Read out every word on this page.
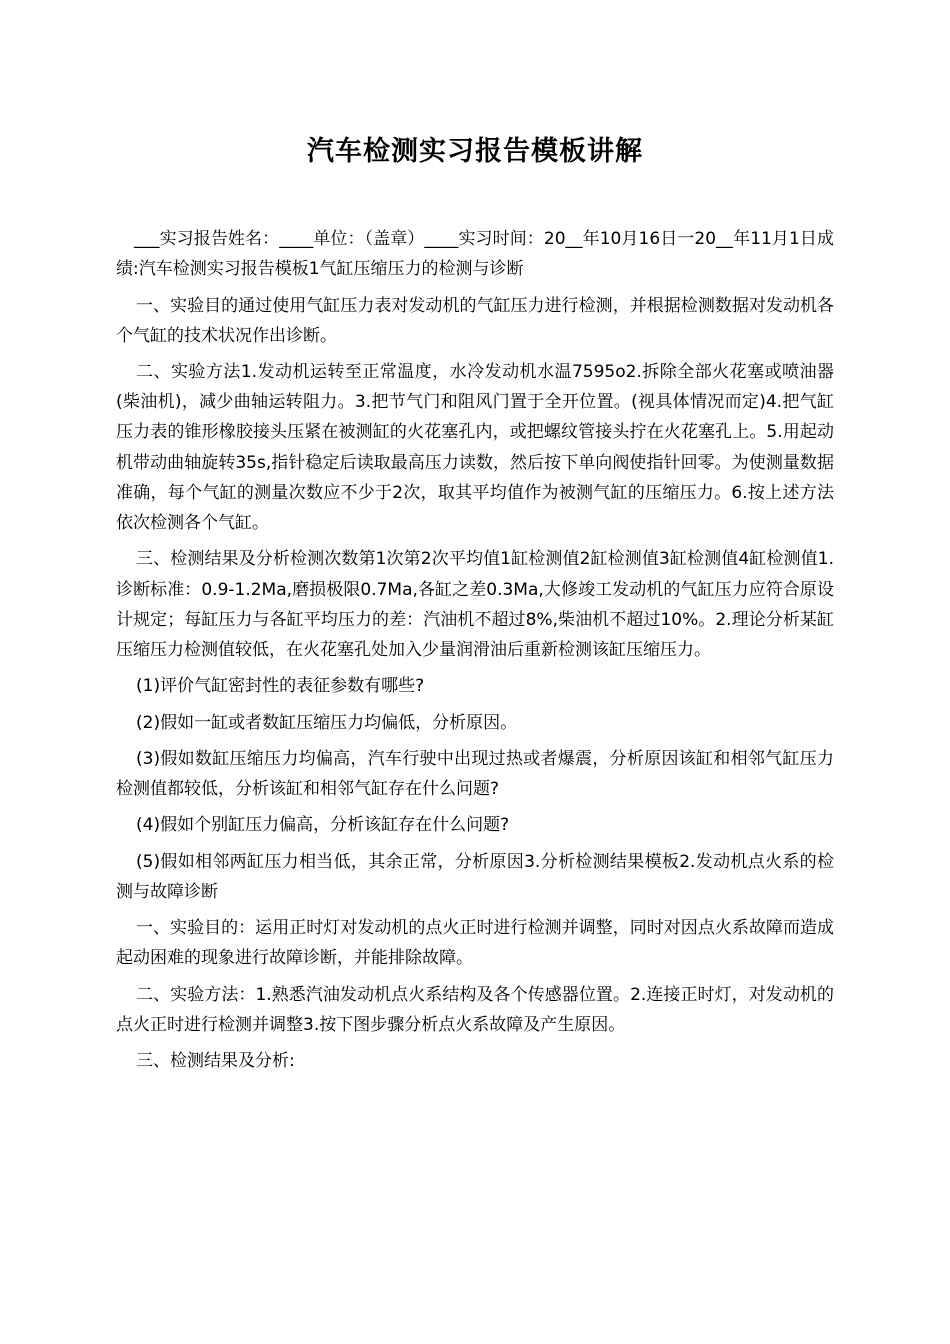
汽车检测实习报告模板讲解

___实习报告姓名：____单位：（盖章）____实习时间：20__年10月16日一20__年11月1日成绩:汽车检测实习报告模板1气缸压缩压力的检测与诊断

一、实验目的通过使用气缸压力表对发动机的气缸压力进行检测，并根据检测数据对发动机各个气缸的技术状况作出诊断。

二、实验方法1.发动机运转至正常温度，水冷发动机水温7595o2.拆除全部火花塞或喷油器(柴油机)，减少曲轴运转阻力。3.把节气门和阻风门置于全开位置。(视具体情况而定)4.把气缸压力表的锥形橡胶接头压紧在被测缸的火花塞孔内，或把螺纹管接头拧在火花塞孔上。5.用起动机带动曲轴旋转35s,指针稳定后读取最高压力读数，然后按下单向阀使指针回零。为使测量数据准确，每个气缸的测量次数应不少于2次，取其平均值作为被测气缸的压缩压力。6.按上述方法依次检测各个气缸。

三、检测结果及分析检测次数第1次第2次平均值1缸检测值2缸检测值3缸检测值4缸检测值1.诊断标准：0.9-1.2Ma,磨损极限0.7Ma,各缸之差0.3Ma,大修竣工发动机的气缸压力应符合原设计规定；每缸压力与各缸平均压力的差：汽油机不超过8%,柴油机不超过10%。2.理论分析某缸压缩压力检测值较低，在火花塞孔处加入少量润滑油后重新检测该缸压缩压力。

(1)评价气缸密封性的表征参数有哪些?

(2)假如一缸或者数缸压缩压力均偏低，分析原因。

(3)假如数缸压缩压力均偏高，汽车行驶中出现过热或者爆震，分析原因该缸和相邻气缸压力检测值都较低，分析该缸和相邻气缸存在什么问题?

(4)假如个别缸压力偏高，分析该缸存在什么问题?

(5)假如相邻两缸压力相当低，其余正常，分析原因3.分析检测结果模板2.发动机点火系的检测与故障诊断

一、实验目的：运用正时灯对发动机的点火正时进行检测并调整，同时对因点火系故障而造成起动困难的现象进行故障诊断，并能排除故障。

二、实验方法：1.熟悉汽油发动机点火系结构及各个传感器位置。2.连接正时灯，对发动机的点火正时进行检测并调整3.按下图步骤分析点火系故障及产生原因。

三、检测结果及分析:
